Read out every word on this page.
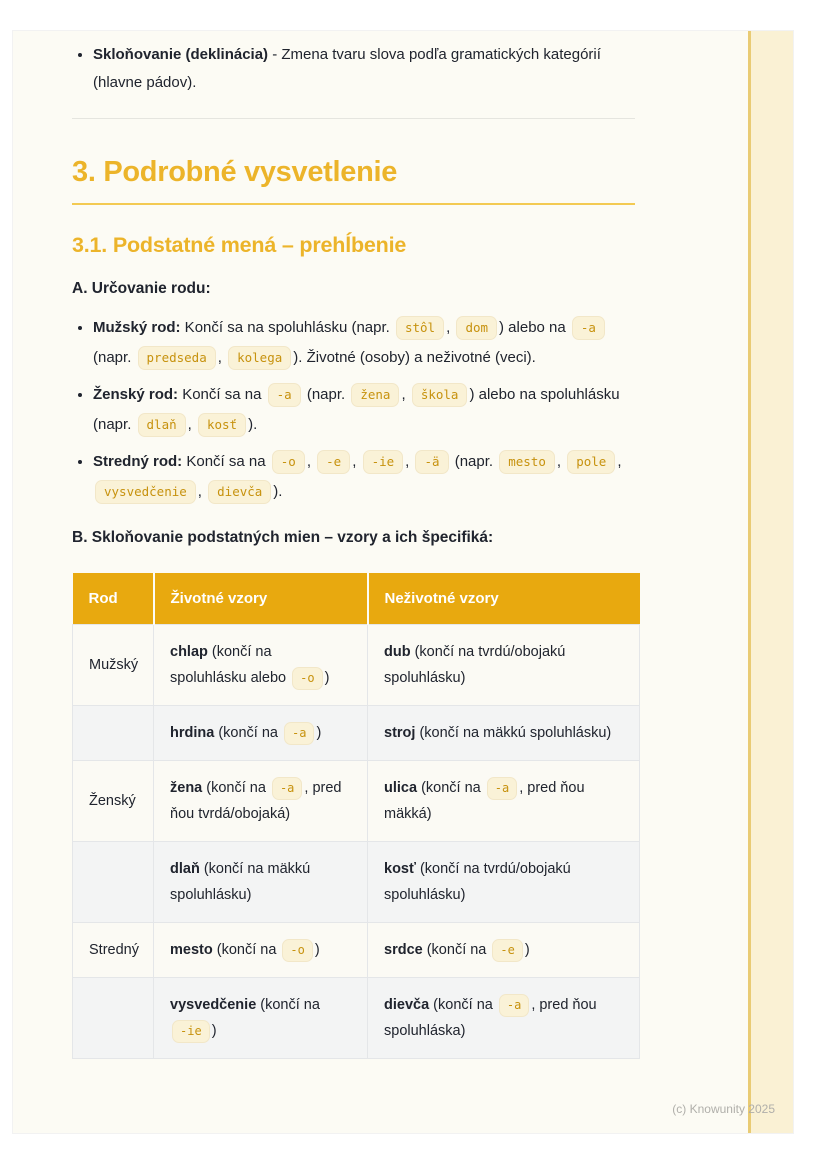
• Skloňovanie (deklinácia) - Zmena tvaru slova podľa gramatických kategórií (hlavne pádov).
3. Podrobné vysvetlenie
3.1. Podstatné mená – prehĺbenie

A. Určovanie rodu:

• Mužský rod: Končí sa na spoluhlásku (napr. stôl , dom ) alebo na -a (napr. predseda , kolega ). Životné (osoby) a neživotné (veci).
• Ženský rod: Končí sa na -a (napr. žena , škola ) alebo na spoluhlásku (napr. dlaň , kosť ).
• Stredný rod: Končí sa na -o , -e , -ie , -ä (napr. mesto , pole , vysvedčenie , dievča ).

B. Skloňovanie podstatných mien – vzory a ich špecifiká:

Rod	Životné vzory	Neživotné vzory
Mužský	chlap (končí na spoluhlásku alebo -o )	dub (končí na tvrdú/obojakú spoluhlásku)
	hrdina (končí na -a )	stroj (končí na mäkkú spoluhlásku)
Ženský	žena (končí na -a , pred ňou tvrdá/obojaká)	ulica (končí na -a , pred ňou mäkká)
	dlaň (končí na mäkkú spoluhlásku)	kosť (končí na tvrdú/obojakú spoluhlásku)
Stredný	mesto (končí na -o )	srdce (končí na -e )
	vysvedčenie (končí na -ie )	dievča (končí na -a , pred ňou spoluhláska)
(c) Knowunity 2025
